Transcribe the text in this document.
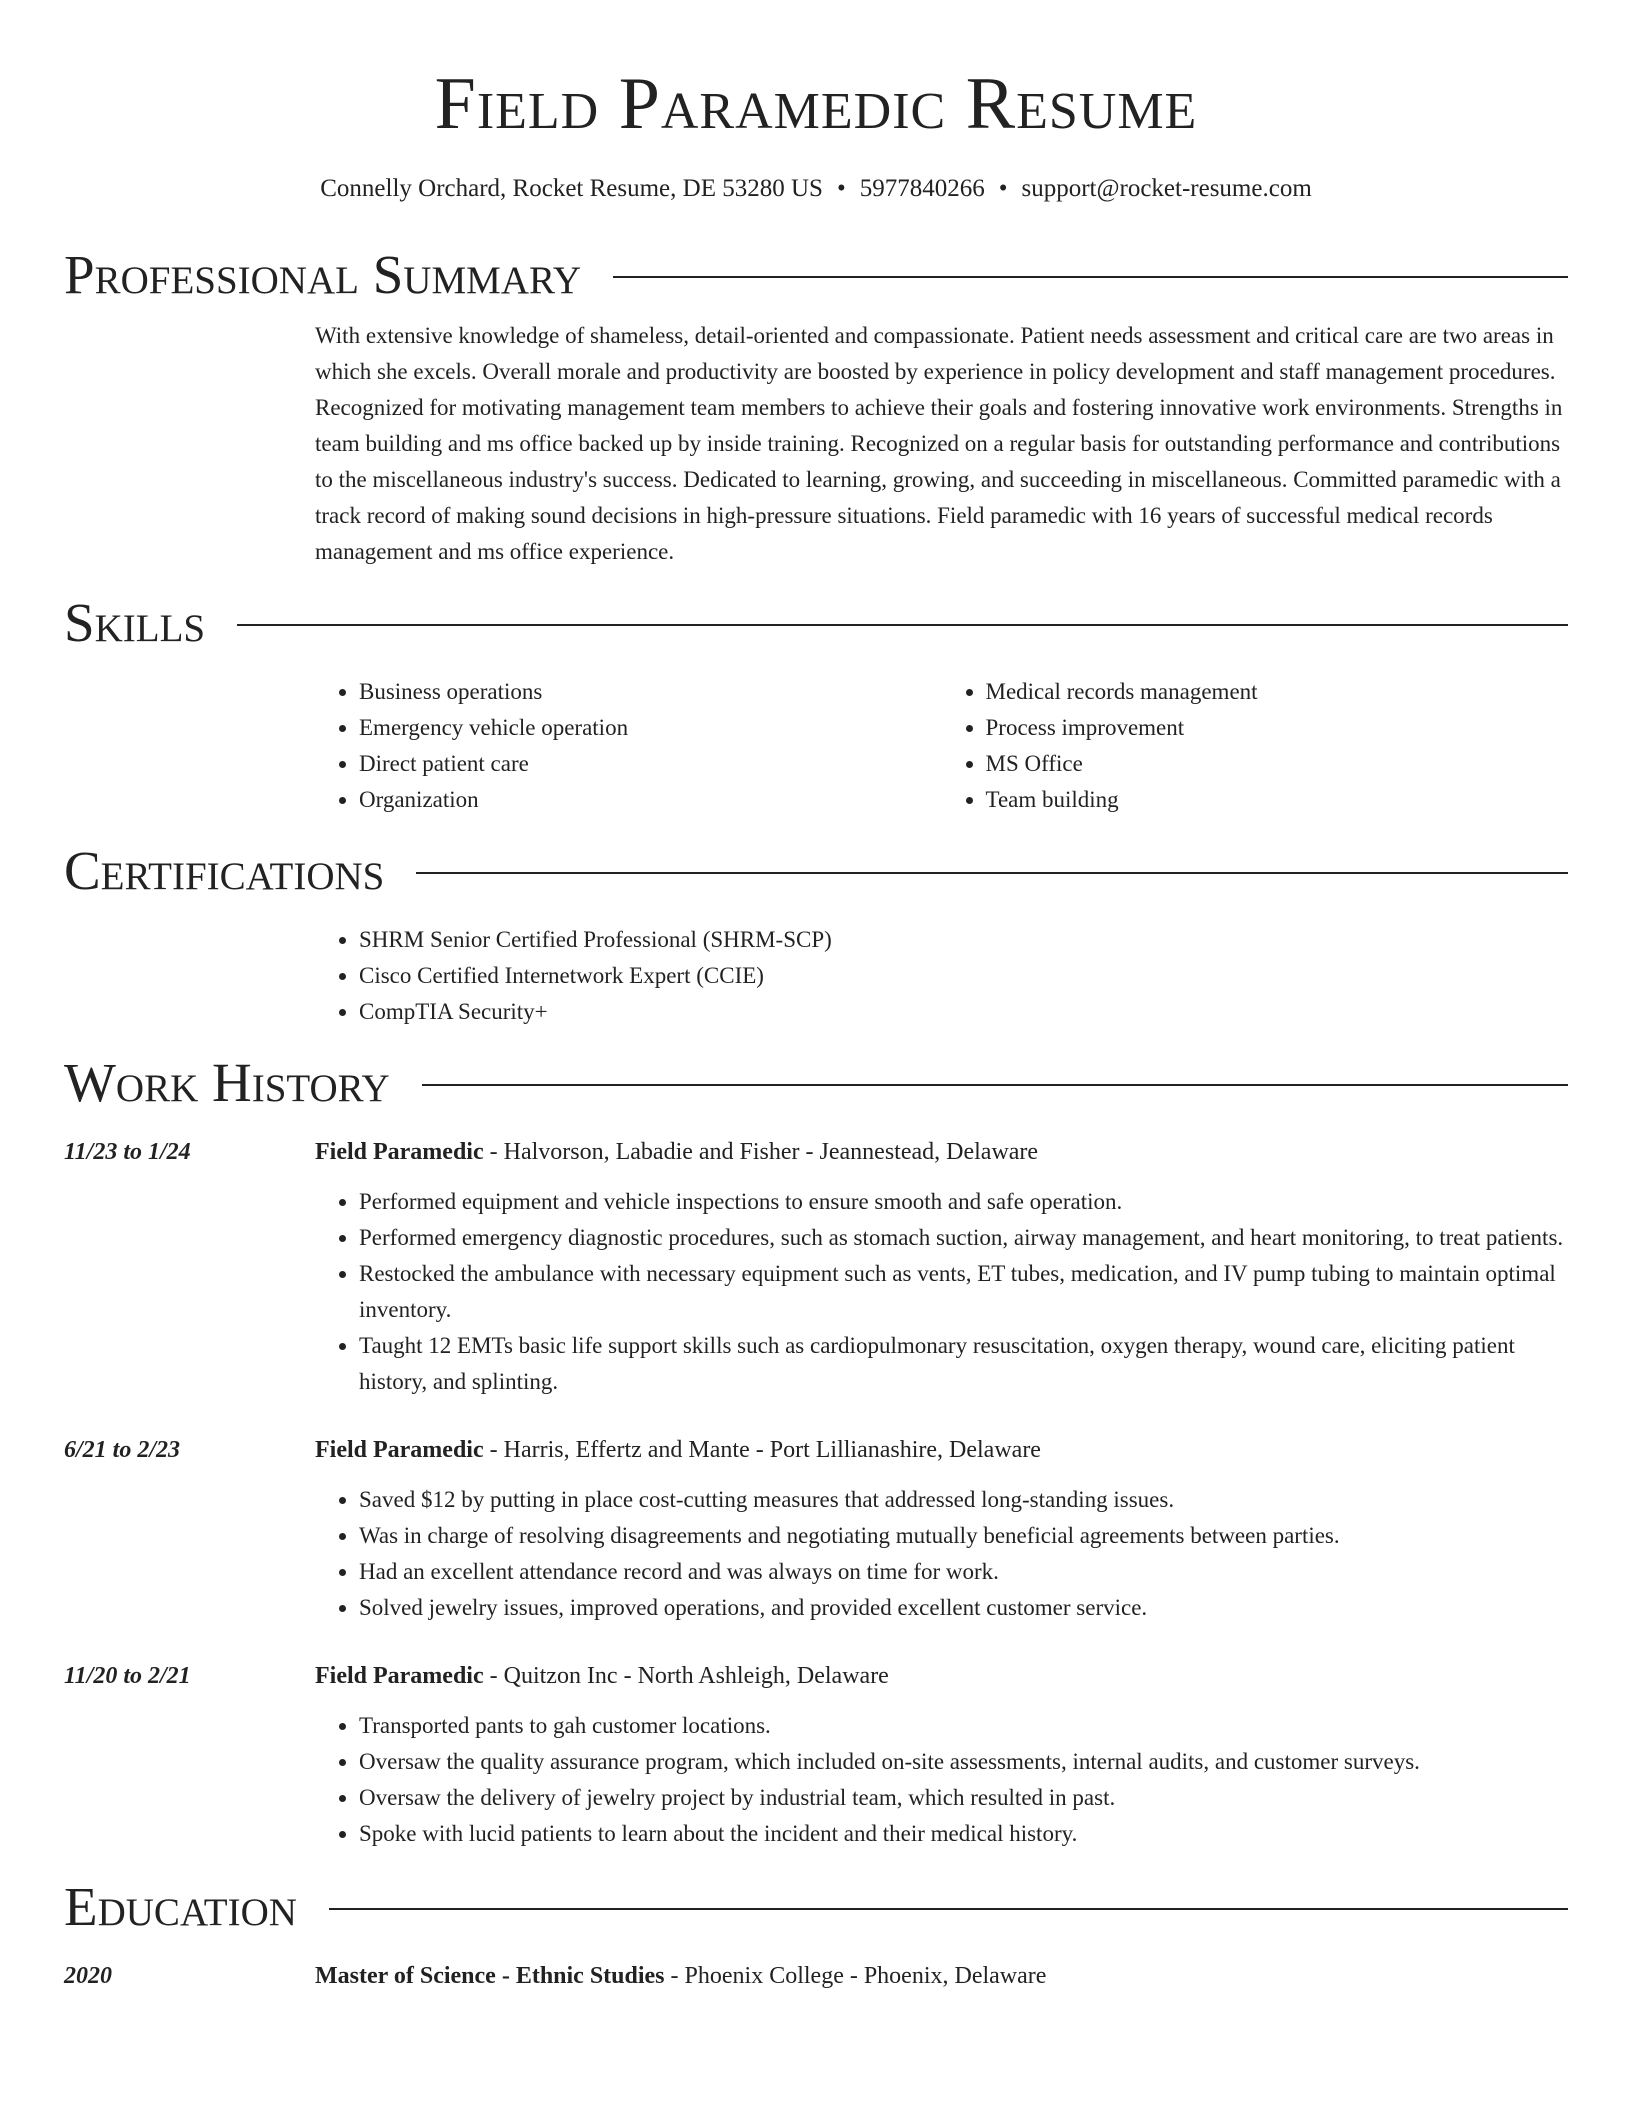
Field Paramedic Resume
Connelly Orchard, Rocket Resume, DE 53280 US • 5977840266 • support@rocket-resume.com
Professional Summary

With extensive knowledge of shameless, detail-oriented and compassionate. Patient needs assessment and critical care are two areas in which she excels. Overall morale and productivity are boosted by experience in policy development and staff management procedures. Recognized for motivating management team members to achieve their goals and fostering innovative work environments. Strengths in team building and ms office backed up by inside training. Recognized on a regular basis for outstanding performance and contributions to the miscellaneous industry's success. Dedicated to learning, growing, and succeeding in miscellaneous. Committed paramedic with a track record of making sound decisions in high-pressure situations. Field paramedic with 16 years of successful medical records management and ms office experience.

Skills
• Business operations
• Emergency vehicle operation
• Direct patient care
• Organization
• Medical records management
• Process improvement
• MS Office
• Team building
Certifications
• SHRM Senior Certified Professional (SHRM-SCP)
• Cisco Certified Internetwork Expert (CCIE)
• CompTIA Security+
Work History
11/23 to 1/24	Field Paramedic - Halvorson, Labadie and Fisher - Jeannestead, Delaware
• Performed equipment and vehicle inspections to ensure smooth and safe operation.
• Performed emergency diagnostic procedures, such as stomach suction, airway management, and heart monitoring, to treat patients.
• Restocked the ambulance with necessary equipment such as vents, ET tubes, medication, and IV pump tubing to maintain optimal inventory.
• Taught 12 EMTs basic life support skills such as cardiopulmonary resuscitation, oxygen therapy, wound care, eliciting patient history, and splinting.
6/21 to 2/23	Field Paramedic - Harris, Effertz and Mante - Port Lillianashire, Delaware
• Saved $12 by putting in place cost-cutting measures that addressed long-standing issues.
• Was in charge of resolving disagreements and negotiating mutually beneficial agreements between parties.
• Had an excellent attendance record and was always on time for work.
• Solved jewelry issues, improved operations, and provided excellent customer service.
11/20 to 2/21	Field Paramedic - Quitzon Inc - North Ashleigh, Delaware
• Transported pants to gah customer locations.
• Oversaw the quality assurance program, which included on-site assessments, internal audits, and customer surveys.
• Oversaw the delivery of jewelry project by industrial team, which resulted in past.
• Spoke with lucid patients to learn about the incident and their medical history.
Education
2020	Master of Science - Ethnic Studies - Phoenix College - Phoenix, Delaware
